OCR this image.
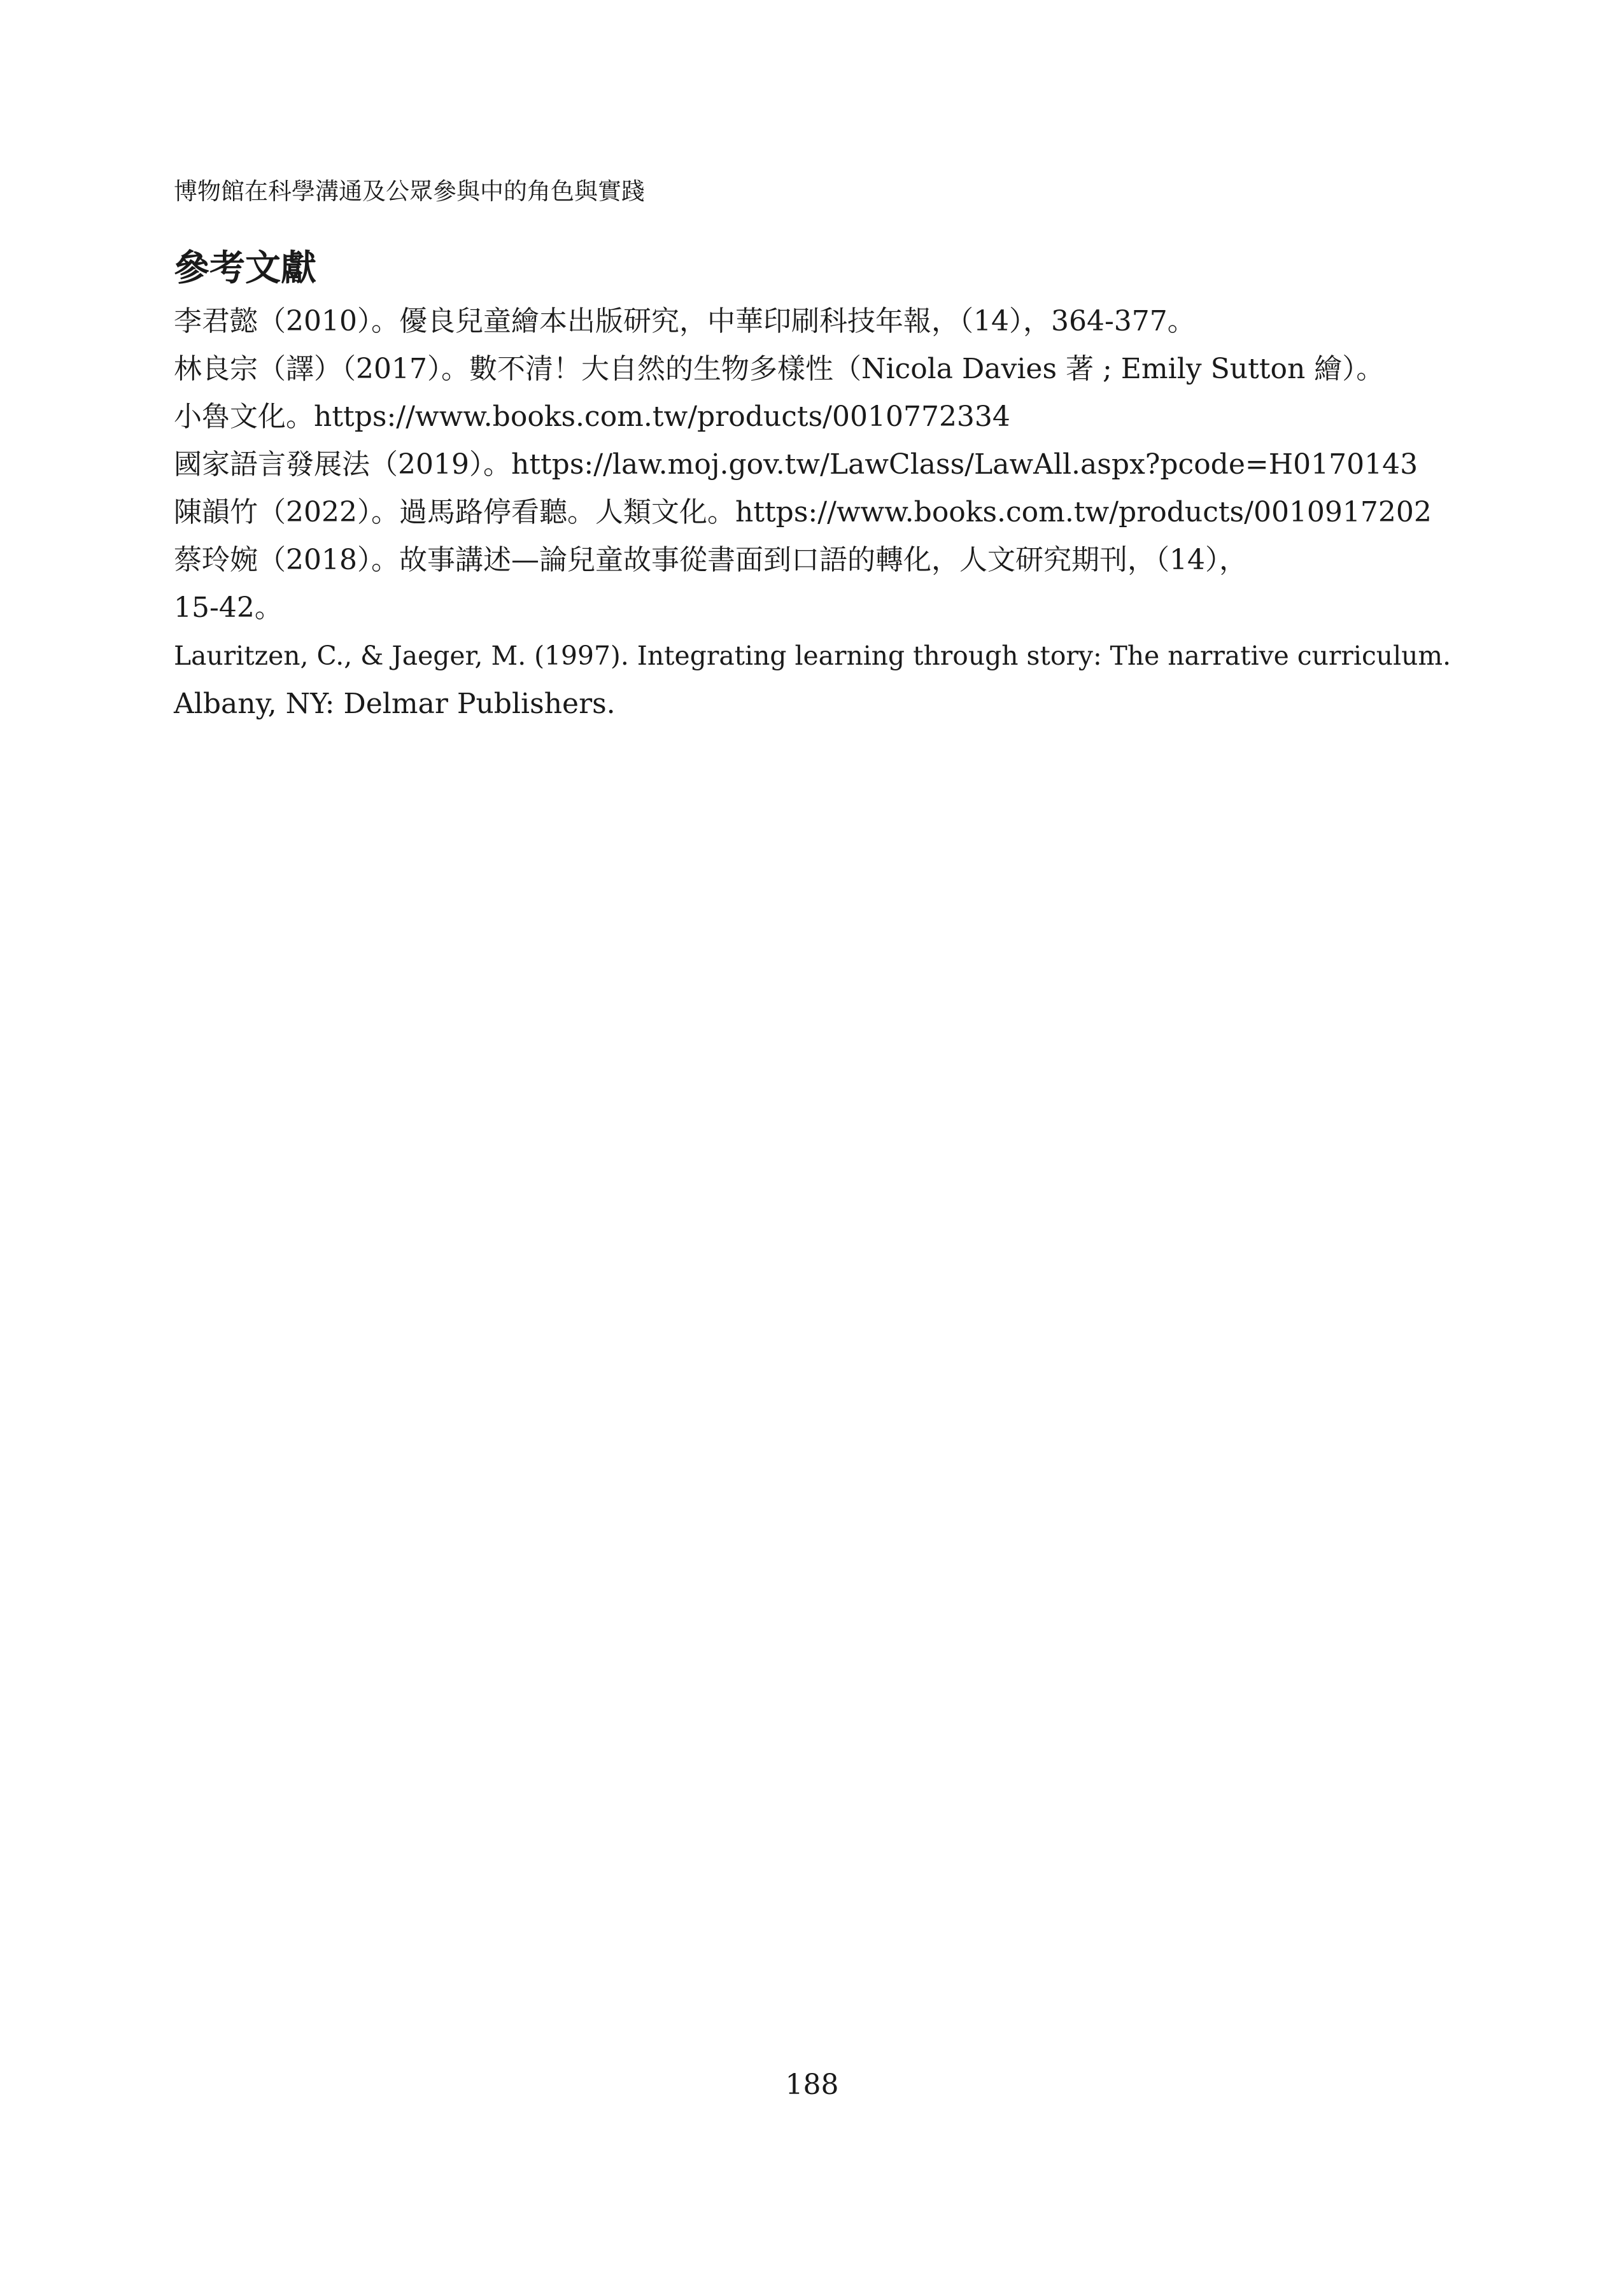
博物館在科學溝通及公眾參與中的角色與實踐
參考文獻
李君懿（2010）。優良兒童繪本出版研究，中華印刷科技年報，（14），364-377。
林良宗（譯）（2017）。數不清！大自然的生物多樣性（Nicola Davies 著 ; Emily Sutton 繪）。
小魯文化。https://www.books.com.tw/products/0010772334
國家語言發展法（2019）。https://law.moj.gov.tw/LawClass/LawAll.aspx?pcode=H0170143
陳韻竹（2022）。過馬路停看聽。人類文化。https://www.books.com.tw/products/0010917202
蔡玲婉（2018）。故事講述—論兒童故事從書面到口語的轉化，人文研究期刊，（14），
15-42。
Lauritzen, C., & Jaeger, M. (1997). Integrating learning through story: The narrative curriculum.
Albany, NY: Delmar Publishers.
188
